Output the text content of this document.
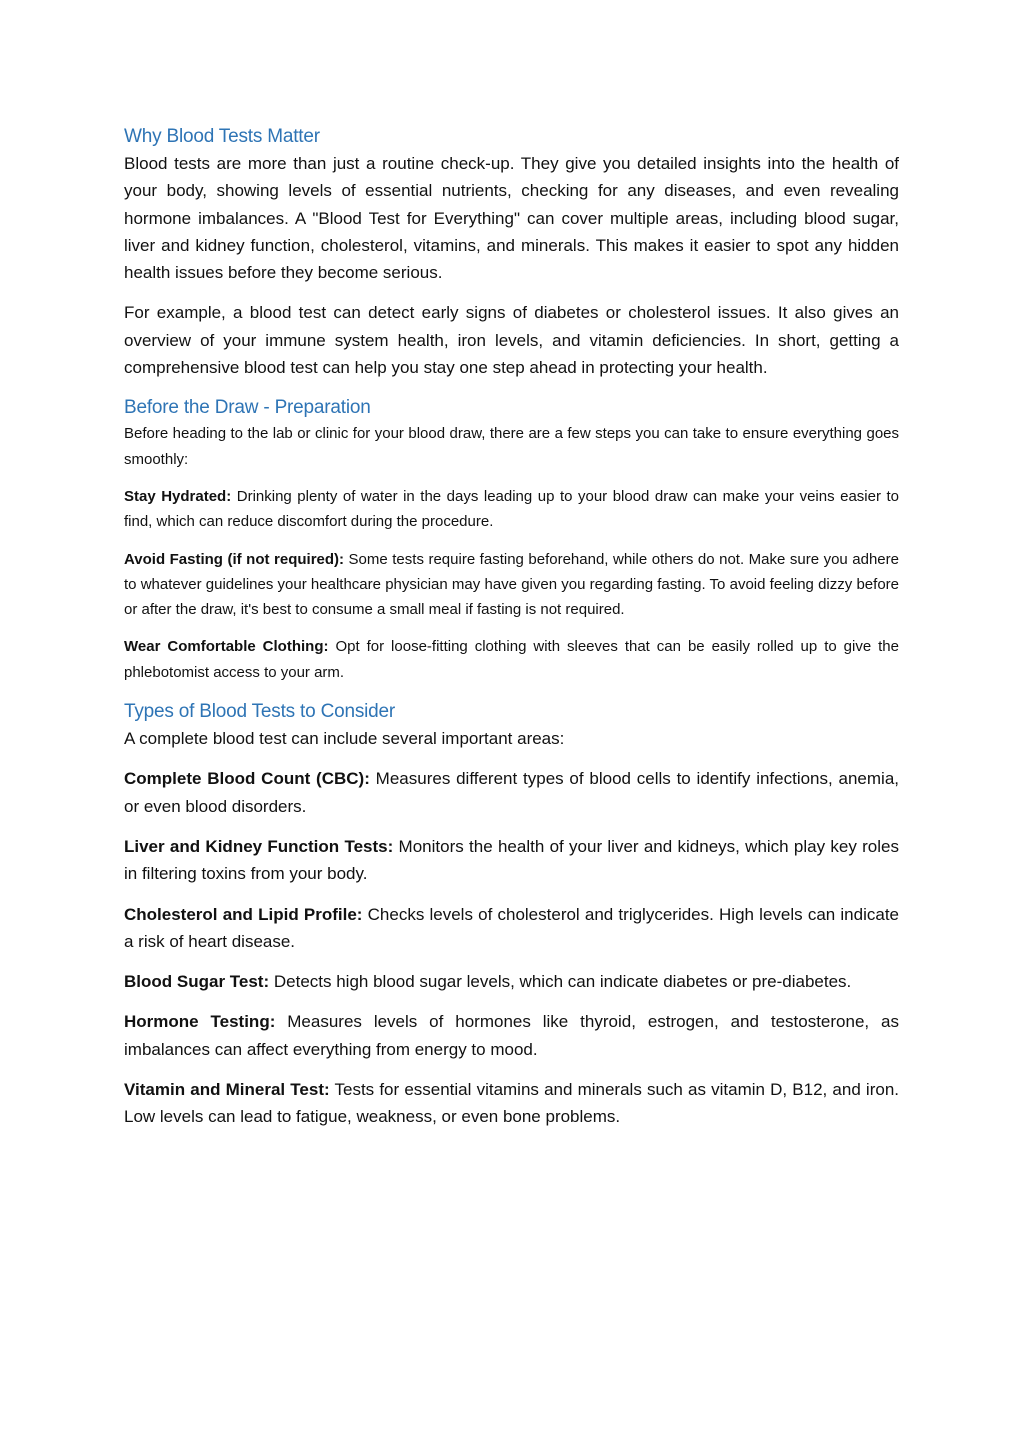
Why Blood Tests Matter

Blood tests are more than just a routine check-up. They give you detailed insights into the health of your body, showing levels of essential nutrients, checking for any diseases, and even revealing hormone imbalances. A "Blood Test for Everything" can cover multiple areas, including blood sugar, liver and kidney function, cholesterol, vitamins, and minerals. This makes it easier to spot any hidden health issues before they become serious.

For example, a blood test can detect early signs of diabetes or cholesterol issues. It also gives an overview of your immune system health, iron levels, and vitamin deficiencies. In short, getting a comprehensive blood test can help you stay one step ahead in protecting your health.

Before the Draw - Preparation

Before heading to the lab or clinic for your blood draw, there are a few steps you can take to ensure everything goes smoothly:

Stay Hydrated: Drinking plenty of water in the days leading up to your blood draw can make your veins easier to find, which can reduce discomfort during the procedure.

Avoid Fasting (if not required): Some tests require fasting beforehand, while others do not. Make sure you adhere to whatever guidelines your healthcare physician may have given you regarding fasting. To avoid feeling dizzy before or after the draw, it's best to consume a small meal if fasting is not required.

Wear Comfortable Clothing: Opt for loose-fitting clothing with sleeves that can be easily rolled up to give the phlebotomist access to your arm.

Types of Blood Tests to Consider

A complete blood test can include several important areas:

Complete Blood Count (CBC): Measures different types of blood cells to identify infections, anemia, or even blood disorders.

Liver and Kidney Function Tests: Monitors the health of your liver and kidneys, which play key roles in filtering toxins from your body.

Cholesterol and Lipid Profile: Checks levels of cholesterol and triglycerides. High levels can indicate a risk of heart disease.

Blood Sugar Test: Detects high blood sugar levels, which can indicate diabetes or pre-diabetes.

Hormone Testing: Measures levels of hormones like thyroid, estrogen, and testosterone, as imbalances can affect everything from energy to mood.

Vitamin and Mineral Test: Tests for essential vitamins and minerals such as vitamin D, B12, and iron. Low levels can lead to fatigue, weakness, or even bone problems.
